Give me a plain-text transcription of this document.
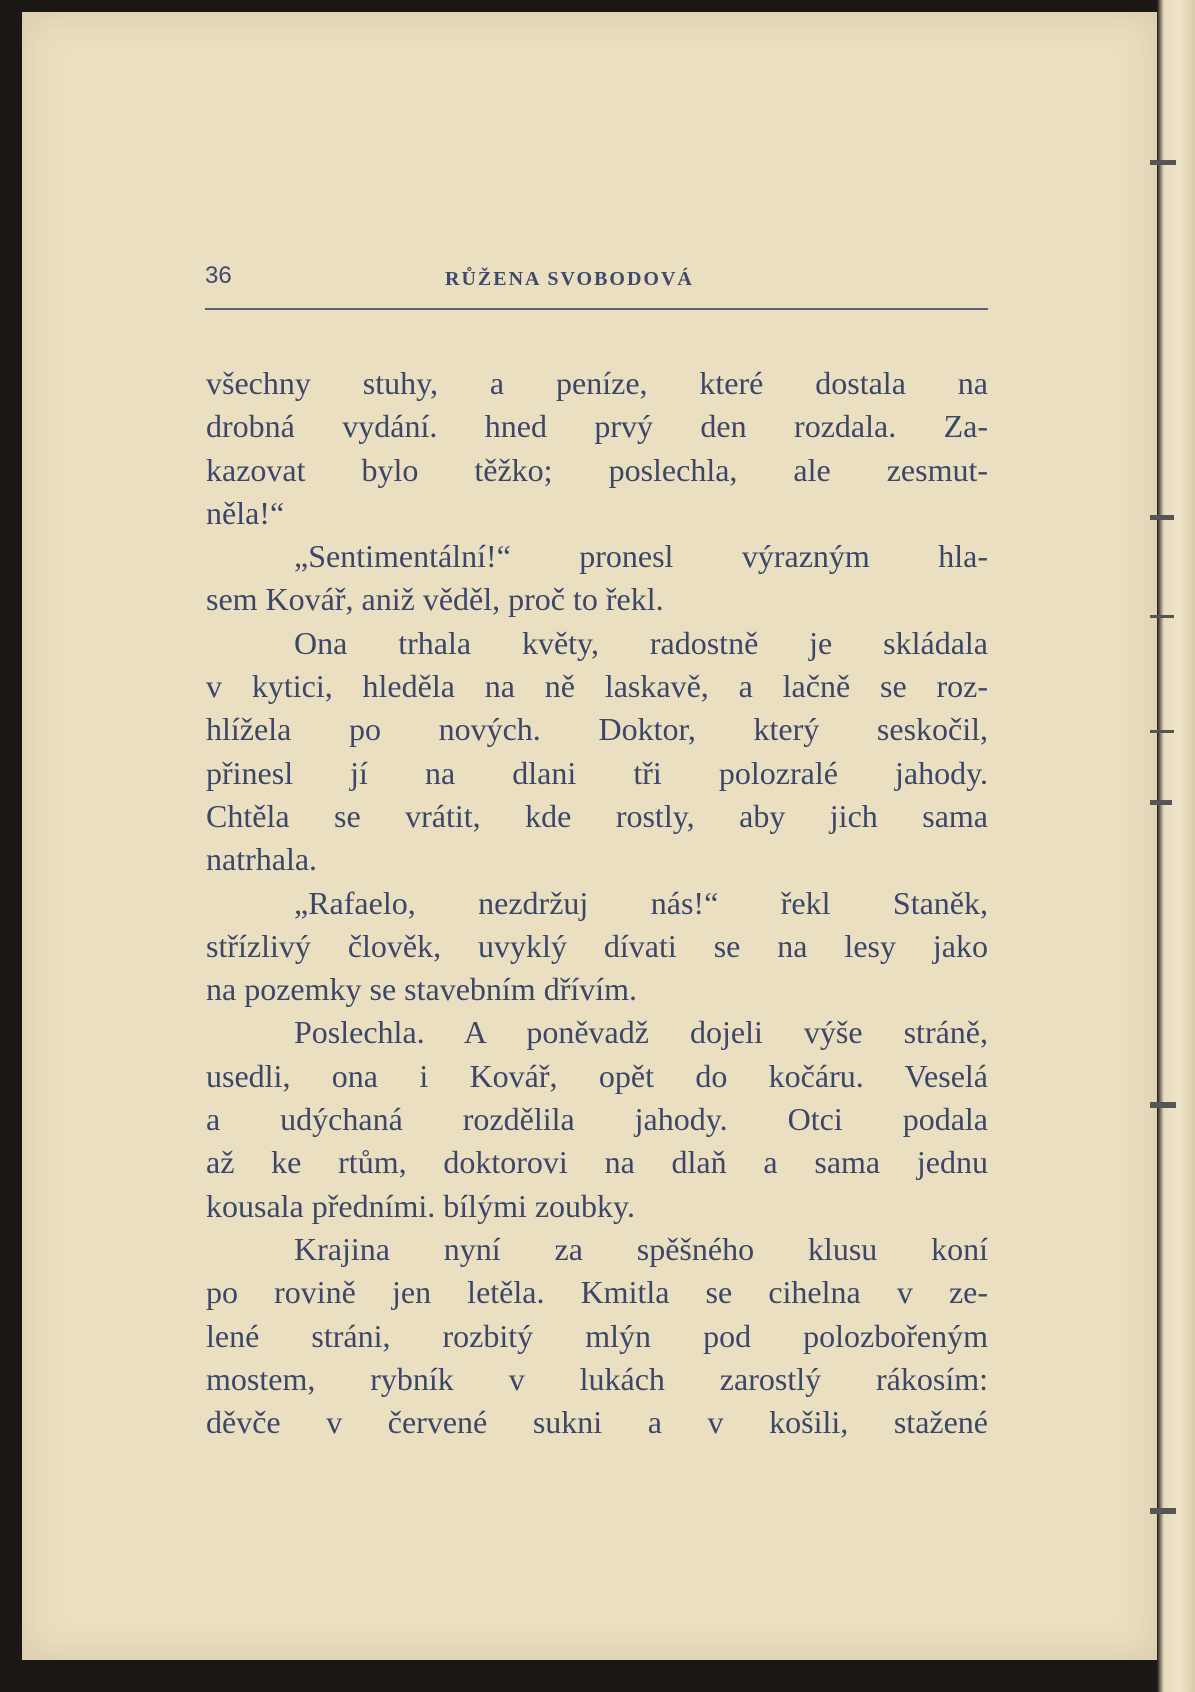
36	RŮŽENA SVOBODOVÁ
všechny stuhy, a peníze, které dostala na
drobná vydání. hned prvý den rozdala. Za-
kazovat bylo těžko; poslechla, ale zesmut-
něla!“
„Sentimentální!“ pronesl výrazným hla-
sem Kovář, aniž věděl, proč to řekl.
Ona trhala květy, radostně je skládala
v kytici, hleděla na ně laskavě, a lačně se roz-
hlížela po nových. Doktor, který seskočil,
přinesl jí na dlani tři polozralé jahody.
Chtěla se vrátit, kde rostly, aby jich sama
natrhala.
„Rafaelo, nezdržuj nás!“ řekl Staněk,
střízlivý člověk, uvyklý dívati se na lesy jako
na pozemky se stavebním dřívím.
Poslechla. A poněvadž dojeli výše stráně,
usedli, ona i Kovář, opět do kočáru. Veselá
a udýchaná rozdělila jahody. Otci podala
až ke rtům, doktorovi na dlaň a sama jednu
kousala předními. bílými zoubky.
Krajina nyní za spěšného klusu koní
po rovině jen letěla. Kmitla se cihelna v ze-
lené stráni, rozbitý mlýn pod polozbořeným
mostem, rybník v lukách zarostlý rákosím:
děvče v červené sukni a v košili, stažené
